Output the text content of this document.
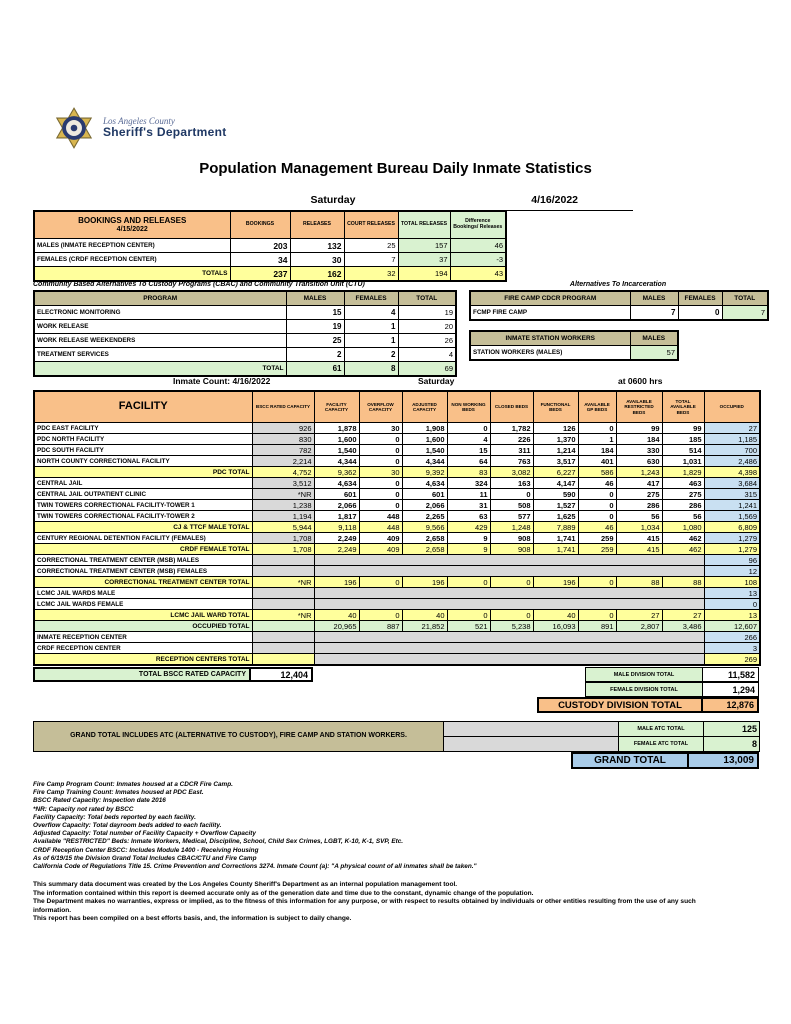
Los Angeles County
Sheriff's Department
Population Management Bureau Daily Inmate Statistics
Saturday	4/16/2022
BOOKINGS AND RELEASES
4/15/2022	BOOKINGS	RELEASES	COURT RELEASES	TOTAL RELEASES	Difference Bookings/ Releases
MALES (INMATE RECEPTION CENTER)	203	132	25	157	46
FEMALES (CRDF RECEPTION CENTER)	34	30	7	37	-3
TOTALS	237	162	32	194	43
Community Based Alternatives To Custody Programs (CBAC) and Community Transition Unit (CTU)
PROGRAM	MALES	FEMALES	TOTAL
ELECTRONIC MONITORING	15	4	19
WORK RELEASE	19	1	20
WORK RELEASE WEEKENDERS	25	1	26
TREATMENT SERVICES	2	2	4
TOTAL	61	8	69
Alternatives To Incarceration
FIRE CAMP CDCR PROGRAM	MALES	FEMALES	TOTAL
FCMP FIRE CAMP	7	0	7
INMATE STATION WORKERS	MALES
STATION WORKERS (MALES)	57
Inmate Count: 4/16/2022	Saturday	at 0600 hrs
FACILITY	BSCC RATED CAPACITY	FACILITY CAPACITY	OVERFLOW CAPACITY	ADJUSTED CAPACITY	NON WORKING BEDS	CLOSED BEDS	FUNCTIONAL BEDS	AVAILABLE GP BEDS	AVAILABLE RESTRICTED BEDS	TOTAL AVAILABLE BEDS	OCCUPIED
PDC EAST FACILITY	926	1,878	30	1,908	0	1,782	126	0	99	99	27
PDC NORTH FACILITY	830	1,600	0	1,600	4	226	1,370	1	184	185	1,185
PDC SOUTH FACILITY	782	1,540	0	1,540	15	311	1,214	184	330	514	700
NORTH COUNTY CORRECTIONAL FACILITY	2,214	4,344	0	4,344	64	763	3,517	401	630	1,031	2,486
PDC TOTAL	4,752	9,362	30	9,392	83	3,082	6,227	586	1,243	1,829	4,398
CENTRAL JAIL	3,512	4,634	0	4,634	324	163	4,147	46	417	463	3,684
CENTRAL JAIL OUTPATIENT CLINIC	*NR	601	0	601	11	0	590	0	275	275	315
TWIN TOWERS CORRECTIONAL FACILITY-TOWER 1	1,238	2,066	0	2,066	31	508	1,527	0	286	286	1,241
TWIN TOWERS CORRECTIONAL FACILITY-TOWER 2	1,194	1,817	448	2,265	63	577	1,625	0	56	56	1,569
CJ & TTCF MALE TOTAL	5,944	9,118	448	9,566	429	1,248	7,889	46	1,034	1,080	6,809
CENTURY REGIONAL DETENTION FACILITY (FEMALES)	1,708	2,249	409	2,658	9	908	1,741	259	415	462	1,279
CRDF FEMALE TOTAL	1,708	2,249	409	2,658	9	908	1,741	259	415	462	1,279
CORRECTIONAL TREATMENT CENTER (MSB) MALES											96
CORRECTIONAL TREATMENT CENTER (MSB) FEMALES											12
CORRECTIONAL TREATMENT CENTER TOTAL	*NR	196	0	196	0	0	196	0	88	88	108
LCMC JAIL WARDS MALE											13
LCMC JAIL WARDS FEMALE											0
LCMC JAIL WARD TOTAL	*NR	40	0	40	0	0	40	0	27	27	13
OCCUPIED TOTAL		20,965	887	21,852	521	5,238	16,093	891	2,807	3,486	12,607
INMATE RECEPTION CENTER											266
CRDF RECEPTION CENTER											3
RECEPTION CENTERS TOTAL											269
TOTAL BSCC RATED CAPACITY	12,404	MALE DIVISION TOTAL	11,582
FEMALE DIVISION TOTAL	1,294
CUSTODY DIVISION TOTAL	12,876
GRAND TOTAL INCLUDES ATC (ALTERNATIVE TO CUSTODY), FIRE CAMP AND STATION WORKERS.		MALE ATC TOTAL	125
		FEMALE ATC TOTAL	8
GRAND TOTAL	13,009
Fire Camp Program Count: Inmates housed at a CDCR Fire Camp.
Fire Camp Training Count: Inmates housed at PDC East.
BSCC Rated Capacity: Inspection date 2016
*NR: Capacity not rated by BSCC
Facility Capacity: Total beds reported by each facility.
Overflow Capacity: Total dayroom beds added to each facility.
Adjusted Capacity: Total number of Facility Capacity + Overflow Capacity
Available "RESTRICTED" Beds: Inmate Workers, Medical, Discipline, School, Child Sex Crimes, LGBT, K-10, K-1, SVP, Etc.
CRDF Reception Center BSCC: Includes Module 1400 - Receiving Housing
As of 6/19/15 the Division Grand Total Includes CBAC/CTU and Fire Camp
California Code of Regulations Title 15. Crime Prevention and Corrections 3274. Inmate Count (a): "A physical count of all inmates shall be taken."
This summary data document was created by the Los Angeles County Sheriff's Department as an internal population management tool.
The information contained within this report is deemed accurate only as of the generation date and time due to the constant, dynamic change of the population.
The Department makes no warranties, express or implied, as to the fitness of this information for any purpose, or with respect to results obtained by individuals or other entities resulting from the use of any such information.
This report has been compiled on a best efforts basis, and, the information is subject to daily change.
